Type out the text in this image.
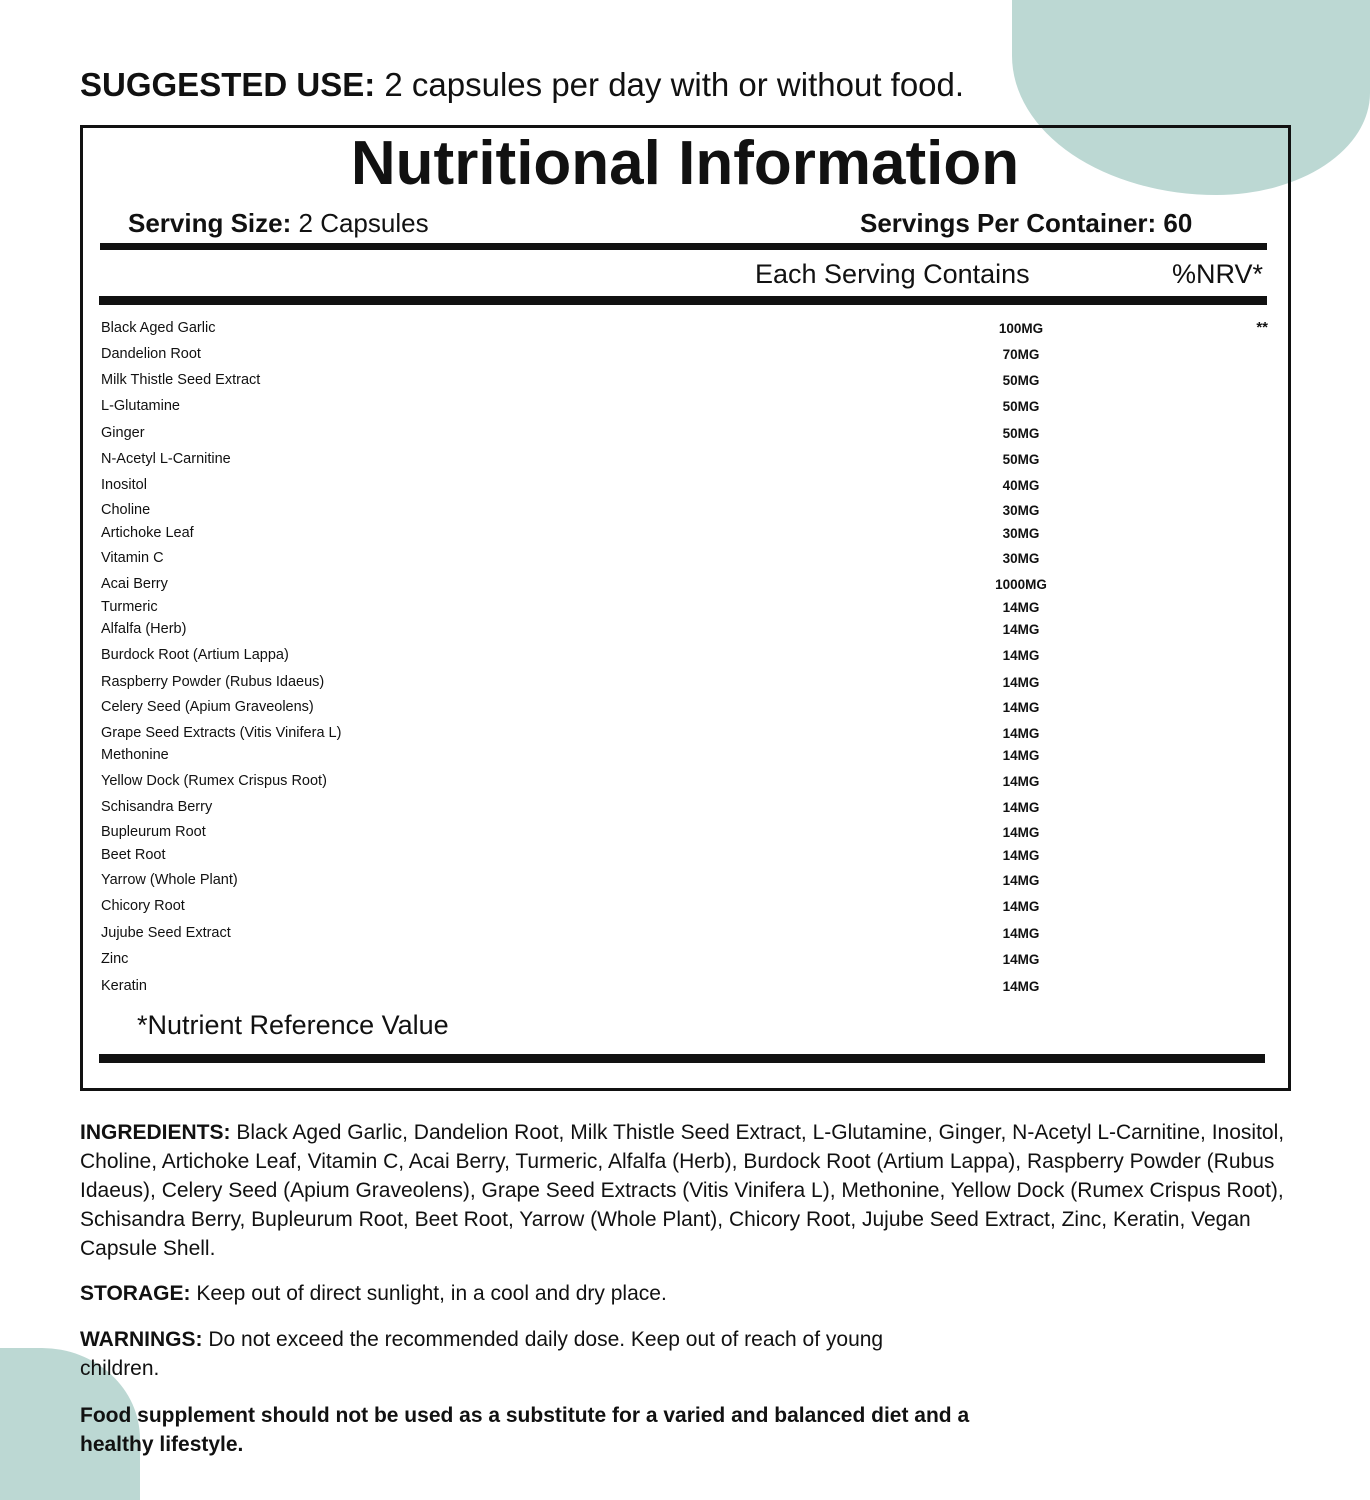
SUGGESTED USE: 2 capsules per day with or without food.
Nutritional Information
Serving Size: 2 Capsules	Servings Per Container: 60
Each Serving Contains	%NRV*
Black Aged Garlic	100MG	**
Dandelion Root	70MG
Milk Thistle Seed Extract	50MG
L-Glutamine	50MG
Ginger	50MG
N-Acetyl L-Carnitine	50MG
Inositol	40MG
Choline	30MG
Artichoke Leaf	30MG
Vitamin C	30MG
Acai Berry	1000MG
Turmeric	14MG
Alfalfa (Herb)	14MG
Burdock Root (Artium Lappa)	14MG
Raspberry Powder (Rubus Idaeus)	14MG
Celery Seed (Apium Graveolens)	14MG
Grape Seed Extracts (Vitis Vinifera L)	14MG
Methonine	14MG
Yellow Dock (Rumex Crispus Root)	14MG
Schisandra Berry	14MG
Bupleurum Root	14MG
Beet Root	14MG
Yarrow (Whole Plant)	14MG
Chicory Root	14MG
Jujube Seed Extract	14MG
Zinc	14MG
Keratin	14MG
*Nutrient Reference Value
INGREDIENTS: Black Aged Garlic, Dandelion Root, Milk Thistle Seed Extract, L-Glutamine, Ginger, N-Acetyl L-Carnitine, Inositol, Choline, Artichoke Leaf, Vitamin C, Acai Berry, Turmeric, Alfalfa (Herb), Burdock Root (Artium Lappa), Raspberry Powder (Rubus Idaeus), Celery Seed (Apium Graveolens), Grape Seed Extracts (Vitis Vinifera L), Methonine, Yellow Dock (Rumex Crispus Root), Schisandra Berry, Bupleurum Root, Beet Root, Yarrow (Whole Plant), Chicory Root, Jujube Seed Extract, Zinc, Keratin, Vegan Capsule Shell.
STORAGE: Keep out of direct sunlight, in a cool and dry place.
WARNINGS: Do not exceed the recommended daily dose. Keep out of reach of young children.
Food supplement should not be used as a substitute for a varied and balanced diet and a healthy lifestyle.
